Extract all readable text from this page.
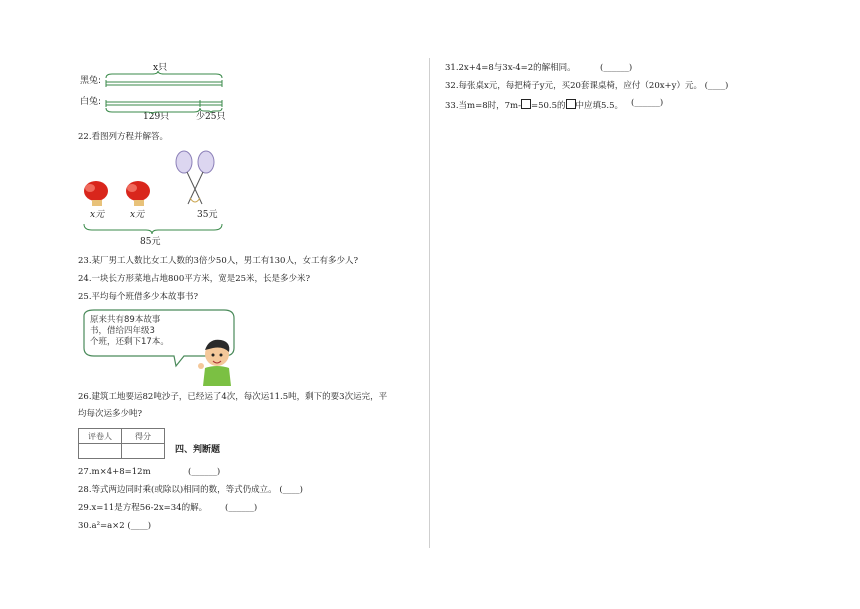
x只
黑兔:
白兔:
129只	少25只
22.看图列方程并解答。
x元	x元	35元
85元
23.某厂男工人数比女工人数的3倍少50人，男工有130人，女工有多少人?
24.一块长方形菜地占地800平方米，宽是25米，长是多少米?
25.平均每个班借多少本故事书?
原来共有89本故事
书，借给四年级3
个班，还剩下17本。
26.建筑工地要运82吨沙子，已经运了4次，每次运11.5吨，剩下的要3次运完，平
均每次运多少吨?
评卷人	得分

四、判断题
27.m×4+8=12m	(______)
28.等式两边同时乘(或除以)相同的数，等式仍成立。 (____)
29.x=11是方程56-2x=34的解。 (______)
30.a²=a×2 (____)
31.2x+4=8与3x-4=2的解相同。	(______)
32.每张桌x元，每把椅子y元，买20套课桌椅，应付（20x+y）元。 (____)
33.当m=8时，7m- =50.5的 中应填5.5。 (______)
